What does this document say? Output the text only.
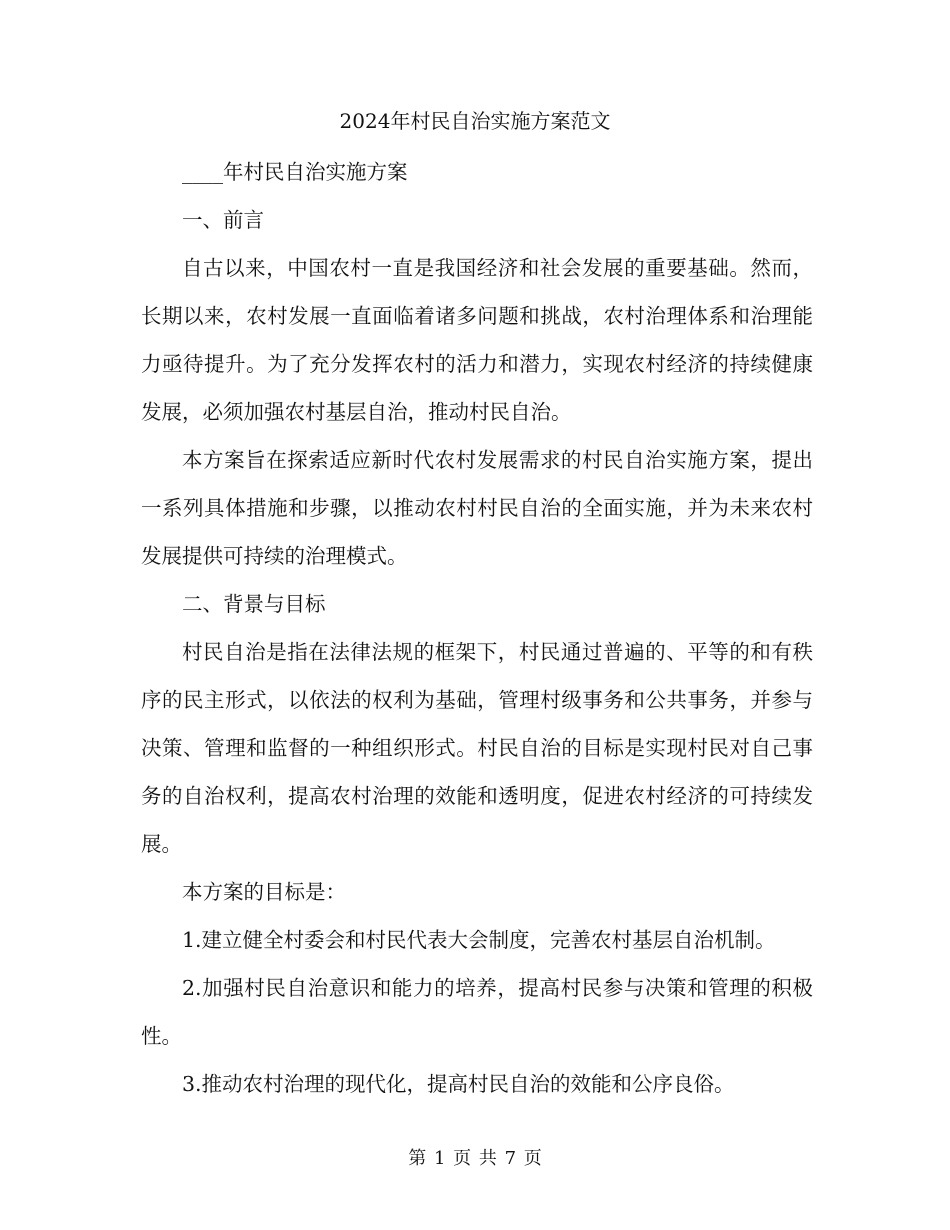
2024年村民自治实施方案范文

____年村民自治实施方案

一、前言

自古以来，中国农村一直是我国经济和社会发展的重要基础。然而，长期以来，农村发展一直面临着诸多问题和挑战，农村治理体系和治理能力亟待提升。为了充分发挥农村的活力和潜力，实现农村经济的持续健康发展，必须加强农村基层自治，推动村民自治。

本方案旨在探索适应新时代农村发展需求的村民自治实施方案，提出一系列具体措施和步骤，以推动农村村民自治的全面实施，并为未来农村发展提供可持续的治理模式。

二、背景与目标

村民自治是指在法律法规的框架下，村民通过普遍的、平等的和有秩序的民主形式，以依法的权利为基础，管理村级事务和公共事务，并参与决策、管理和监督的一种组织形式。村民自治的目标是实现村民对自己事务的自治权利，提高农村治理的效能和透明度，促进农村经济的可持续发展。

本方案的目标是：

1.建立健全村委会和村民代表大会制度，完善农村基层自治机制。

2.加强村民自治意识和能力的培养，提高村民参与决策和管理的积极性。

3.推动农村治理的现代化，提高村民自治的效能和公序良俗。

第 1 页 共 7 页
